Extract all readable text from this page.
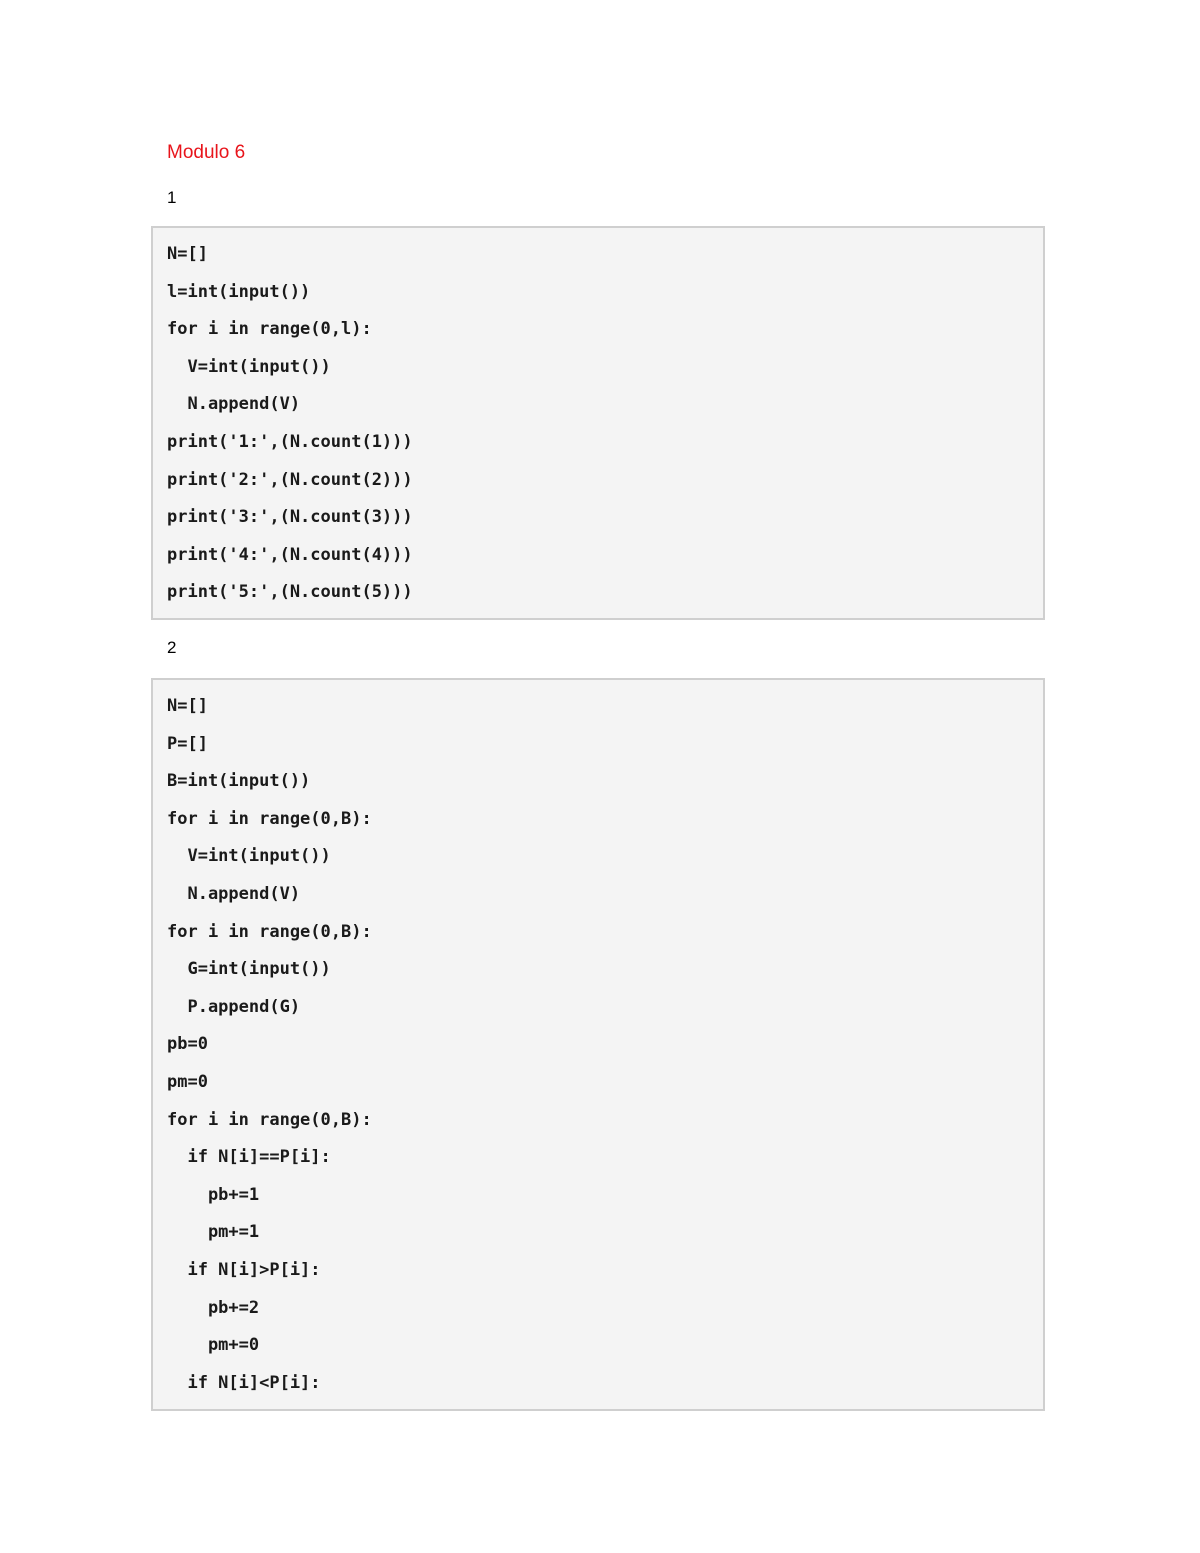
Modulo 6
1
N=[]
l=int(input())
for i in range(0,l):
V=int(input())
N.append(V)
print('1:',(N.count(1)))
print('2:',(N.count(2)))
print('3:',(N.count(3)))
print('4:',(N.count(4)))
print('5:',(N.count(5)))
2
N=[]
P=[]
B=int(input())
for i in range(0,B):
V=int(input())
N.append(V)
for i in range(0,B):
G=int(input())
P.append(G)
pb=0
pm=0
for i in range(0,B):
if N[i]==P[i]:
pb+=1
pm+=1
if N[i]>P[i]:
pb+=2
pm+=0
if N[i]<P[i]:
